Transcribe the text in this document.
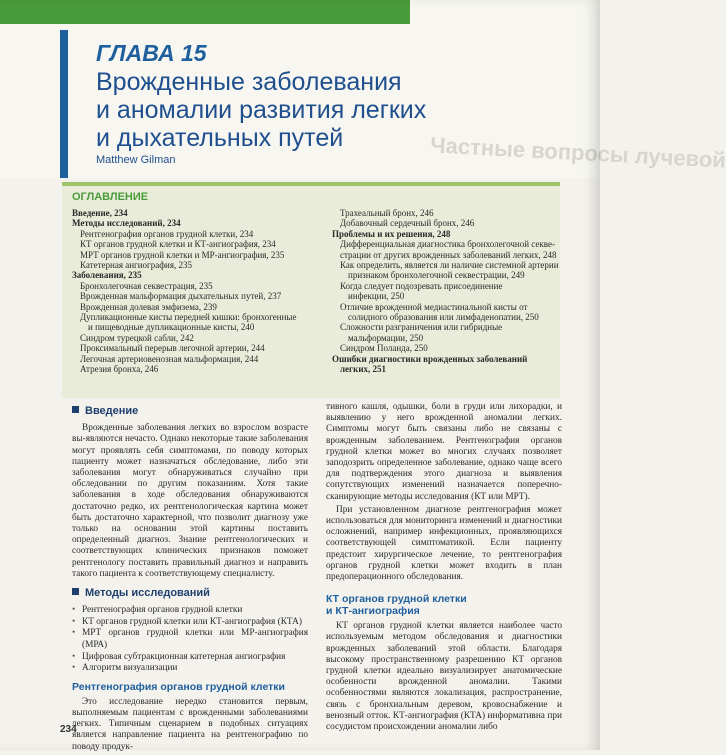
Частные вопросы лучевой
ГЛАВА 15
Врожденные заболевания
и аномалии развития легких
и дыхательных путей
Matthew Gilman
ОГЛАВЛЕНИЕ
Введение, 234
Методы исследований, 234
Рентгенография органов грудной клетки, 234
КТ органов грудной клетки и КТ-ангиография, 234
МРТ органов грудной клетки и МР-ангиография, 235
Катетерная ангиография, 235
Заболевания, 235
Бронхолегочная секвестрация, 235
Врожденная мальформация дыхательных путей, 237
Врожденная долевая эмфизема, 239
Дупликационные кисты передней кишки: бронхогенные
и пищеводные дупликационные кисты, 240
Синдром турецкой сабли, 242
Проксимальный перерыв легочной артерии, 244
Легочная артериовенозная мальформация, 244
Атрезия бронха, 246
Трахеальный бронх, 246
Добавочный сердечный бронх, 246
Проблемы и их решения, 248
Дифференциальная диагностика бронхолегочной секве-
страции от других врожденных заболеваний легких, 248
Как определить, является ли наличие системной артерии
признаком бронхолегочной секвестрации, 249
Когда следует подозревать присоединение
инфекции, 250
Отличие врожденной медиастинальной кисты от
солидного образования или лимфаденопатии, 250
Сложности разграничения или гибридные
мальформации, 250
Синдром Поланда, 250
Ошибки диагностики врожденных заболеваний
легких, 251
Введение
Врожденные заболевания легких во взрослом возрасте вы-являются нечасто. Однако некоторые такие заболевания могут проявлять себя симптомами, по поводу которых пациенту может назначаться обследование, либо эти заболевания могут обнаруживаться случайно при обследовании по другим показаниям. Хотя такие заболевания в ходе обследования обнаруживаются достаточно редко, их рентгенологическая картина может быть достаточно характерной, что позволит диагнозу уже только на основании этой картины поставить определенный диагноз. Знание рентгенологических и соответствующих клинических признаков поможет рентгенологу поставить правильный диагноз и направить такого пациента к соответствующему специалисту.
Методы исследований
• Рентгенография органов грудной клетки
• КТ органов грудной клетки или КТ-ангиография (КТА)
• МРТ органов грудной клетки или МР-ангиография (МРА)
• Цифровая субтракционная катетерная ангиография
• Алгоритм визуализации
Рентгенография органов грудной клетки
Это исследование нередко становится первым, выполняемым пациентам с врожденными заболеваниями легких. Типичным сценарием в подобных ситуациях является направление пациента на рентгенографию по поводу продук-
тивного кашля, одышки, боли в груди или лихорадки, и выявлению у него врожденной аномалии легких. Симптомы могут быть связаны либо не связаны с врожденным заболеванием. Рентгенография органов грудной клетки может во многих случаях позволяет заподозрить определенное заболевание, однако чаще всего для подтверждения этого диагноза и выявления сопутствующих изменений назначается поперечно-сканирующие методы исследования (КТ или МРТ).
При установленном диагнозе рентгенография может использоваться для мониторинга изменений и диагностики осложнений, например инфекционных, проявляющихся соответствующей симптоматикой. Если пациенту предстоит хирургическое лечение, то рентгенография органов грудной клетки может входить в план предоперационного обследования.
КТ органов грудной клетки
и КТ-ангиография
КТ органов грудной клетки является наиболее часто используемым методом обследования и диагностики врожденных заболеваний этой области. Благодаря высокому пространственному разрешению КТ органов грудной клетки идеально визуализирует анатомические особенности врожденной аномалии. Такими особенностями являются локализация, распространение, связь с бронхиальным деревом, кровоснабжение и венозный отток. КТ-ангиография (КТА) информативна при сосудистом происхождении аномалии либо
234
